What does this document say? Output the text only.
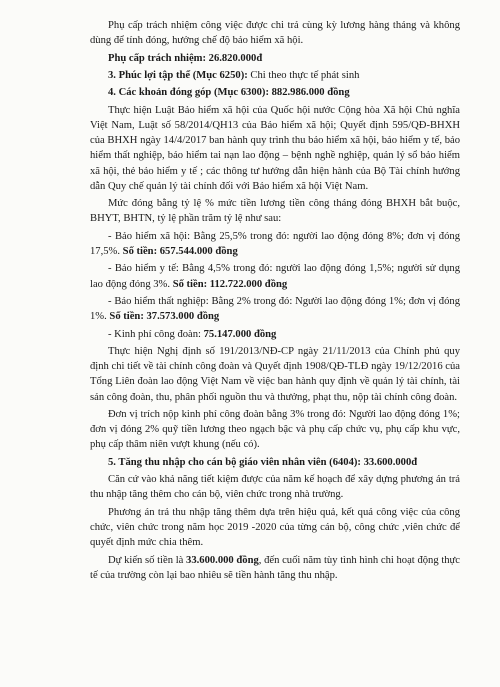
Phụ cấp trách nhiệm công việc được chi trả cùng kỳ lương hàng tháng và không dùng để tính đóng, hưởng chế độ bảo hiểm xã hội.

Phụ cấp trách nhiệm: 26.820.000đ

3. Phúc lợi tập thể (Mục 6250): Chi theo thực tế phát sinh

4. Các khoản đóng góp (Mục 6300): 882.986.000 đồng

Thực hiện Luật Bảo hiểm xã hội của Quốc hội nước Cộng hòa Xã hội Chủ nghĩa Việt Nam, Luật số 58/2014/QH13 của Bảo hiểm xã hội; Quyết định 595/QĐ-BHXH của BHXH ngày 14/4/2017 ban hành quy trình thu bảo hiểm xã hội, bảo hiểm y tế, bảo hiểm thất nghiệp, bảo hiểm tai nạn lao động – bệnh nghề nghiệp, quản lý sổ bảo hiểm xã hội, thẻ bảo hiểm y tế ; các thông tư hướng dẫn hiện hành của Bộ Tài chính hướng dẫn Quy chế quản lý tài chính đối với Bảo hiểm xã hội Việt Nam.

Mức đóng bằng tỷ lệ % mức tiền lương tiền công tháng đóng BHXH bắt buộc, BHYT, BHTN, tỷ lệ phần trăm tỷ lệ như sau:

- Bảo hiểm xã hội: Bằng 25,5% trong đó: người lao động đóng 8%; đơn vị đóng 17,5%. Số tiền: 657.544.000 đồng

- Bảo hiểm y tế: Bằng 4,5% trong đó: người lao động đóng 1,5%; người sử dụng lao động đóng 3%. Số tiền: 112.722.000 đồng

- Bảo hiểm thất nghiệp: Bằng 2% trong đó: Người lao động đóng 1%; đơn vị đóng 1%. Số tiền: 37.573.000 đồng

- Kinh phí công đoàn: 75.147.000 đồng

Thực hiện Nghị định số 191/2013/NĐ-CP ngày 21/11/2013 của Chính phủ quy định chi tiết về tài chính công đoàn và Quyết định 1908/QĐ-TLĐ ngày 19/12/2016 của Tổng Liên đoàn lao động Việt Nam về việc ban hành quy định về quản lý tài chính, tài sản công đoàn, thu, phân phối nguồn thu và thưởng, phạt thu, nộp tài chính công đoàn.

Đơn vị trích nộp kinh phí công đoàn bằng 3% trong đó: Người lao động đóng 1%; đơn vị đóng 2% quỹ tiền lương theo ngạch bậc và phụ cấp chức vụ, phụ cấp khu vực, phụ cấp thâm niên vượt khung (nếu có).

5. Tăng thu nhập cho cán bộ giáo viên nhân viên (6404): 33.600.000đ

Căn cứ vào khả năng tiết kiệm được của năm kế hoạch để xây dựng phương án trả thu nhập tăng thêm cho cán bộ, viên chức trong nhà trường.

Phương án trả thu nhập tăng thêm dựa trên hiệu quả, kết quả công việc của công chức, viên chức trong năm học 2019 -2020 của từng cán bộ, công chức ,viên chức để quyết định mức chia thêm.

Dự kiến số tiền là 33.600.000 đồng, đến cuối năm tùy tình hình chi hoạt động thực tế của trường còn lại bao nhiêu sẽ tiền hành tăng thu nhập.
